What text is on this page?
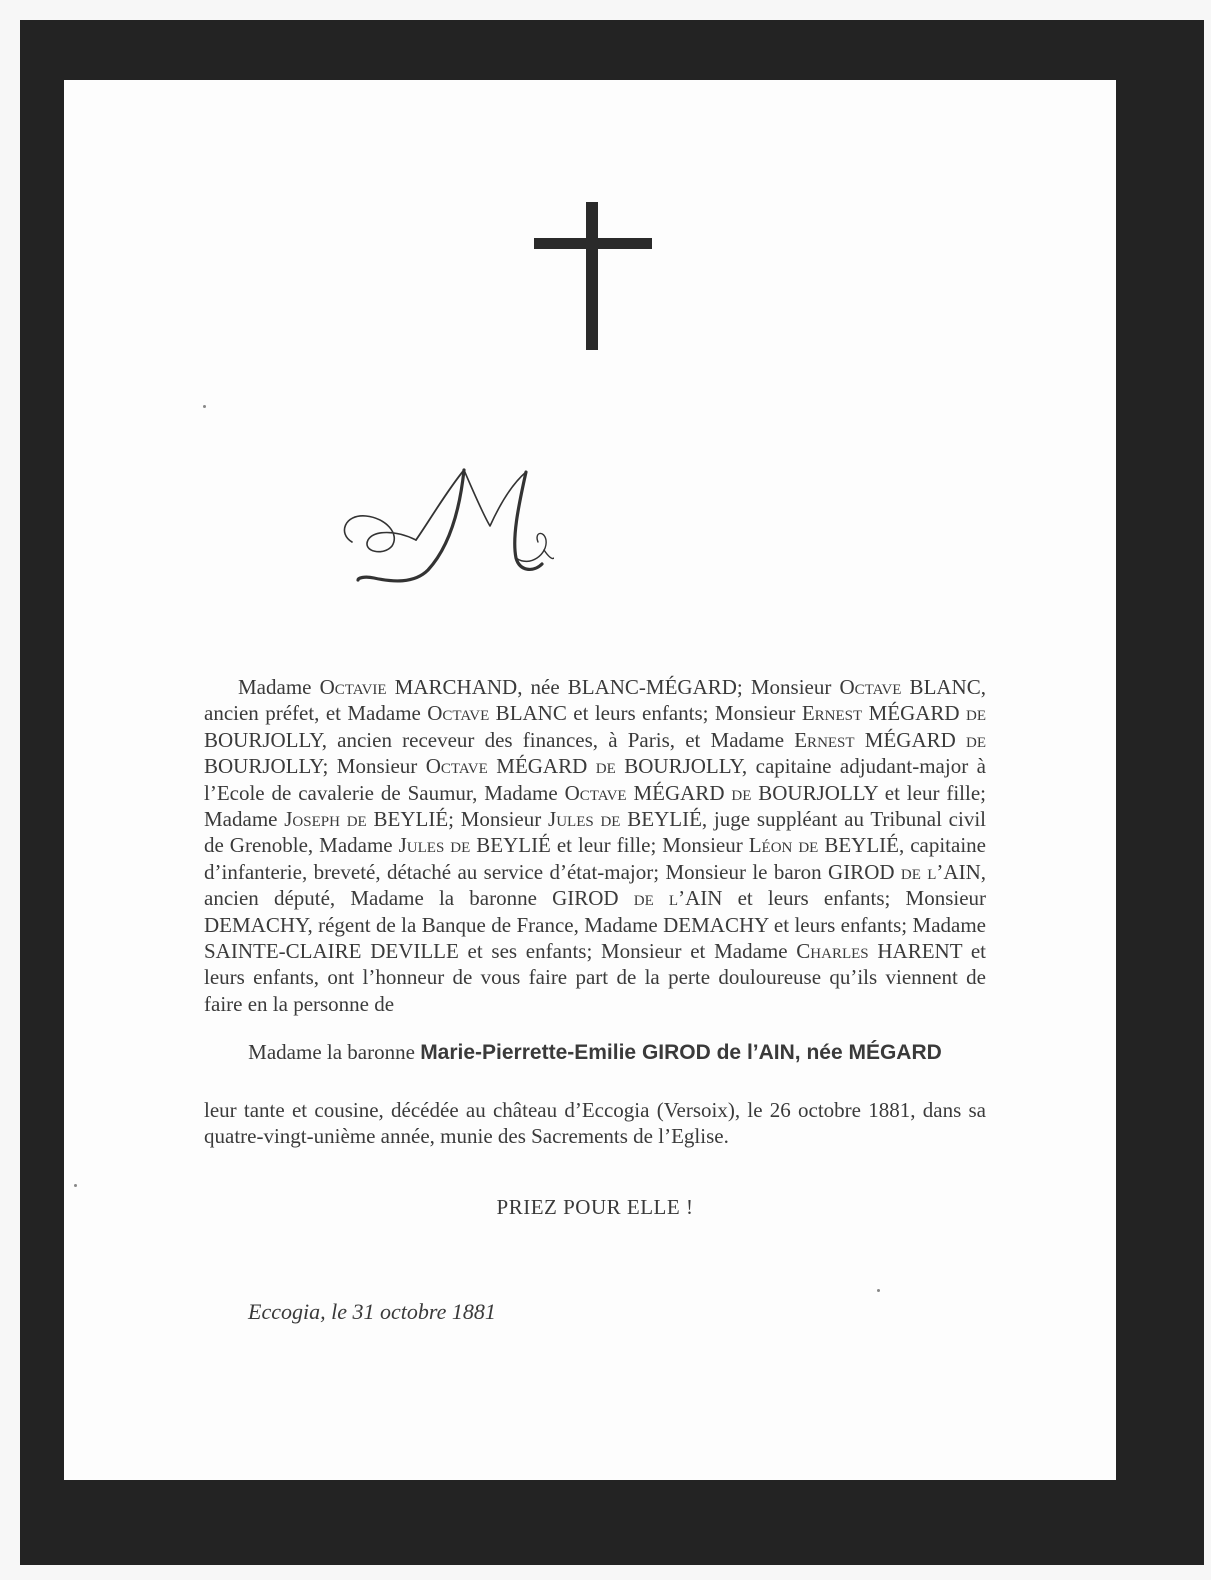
Madame Octavie MARCHAND, née BLANC-MÉGARD; Monsieur Octave BLANC, ancien préfet, et Madame Octave BLANC et leurs enfants; Monsieur Ernest MÉGARD de BOURJOLLY, ancien receveur des finances, à Paris, et Madame Ernest MÉGARD de BOURJOLLY; Monsieur Octave MÉGARD de BOURJOLLY, capitaine adjudant-major à l’Ecole de cavalerie de Saumur, Madame Octave MÉGARD de BOURJOLLY et leur fille; Madame Joseph de BEYLIÉ; Monsieur Jules de BEYLIÉ, juge suppléant au Tribunal civil de Grenoble, Madame Jules de BEYLIÉ et leur fille; Monsieur Léon de BEYLIÉ, capitaine d’infanterie, breveté, détaché au service d’état-major; Monsieur le baron GIROD de l’AIN, ancien député, Madame la baronne GIROD de l’AIN et leurs enfants; Monsieur DEMACHY, régent de la Banque de France, Madame DEMACHY et leurs enfants; Madame SAINTE-CLAIRE DEVILLE et ses enfants; Monsieur et Madame Charles HARENT et leurs enfants, ont l’honneur de vous faire part de la perte douloureuse qu’ils viennent de faire en la personne de

Madame la baronne Marie-Pierrette-Emilie GIROD de l’AIN, née MÉGARD

leur tante et cousine, décédée au château d’Eccogia (Versoix), le 26 octobre 1881, dans sa quatre-vingt-unième année, munie des Sacrements de l’Eglise.

PRIEZ POUR ELLE !

Eccogia, le 31 octobre 1881
